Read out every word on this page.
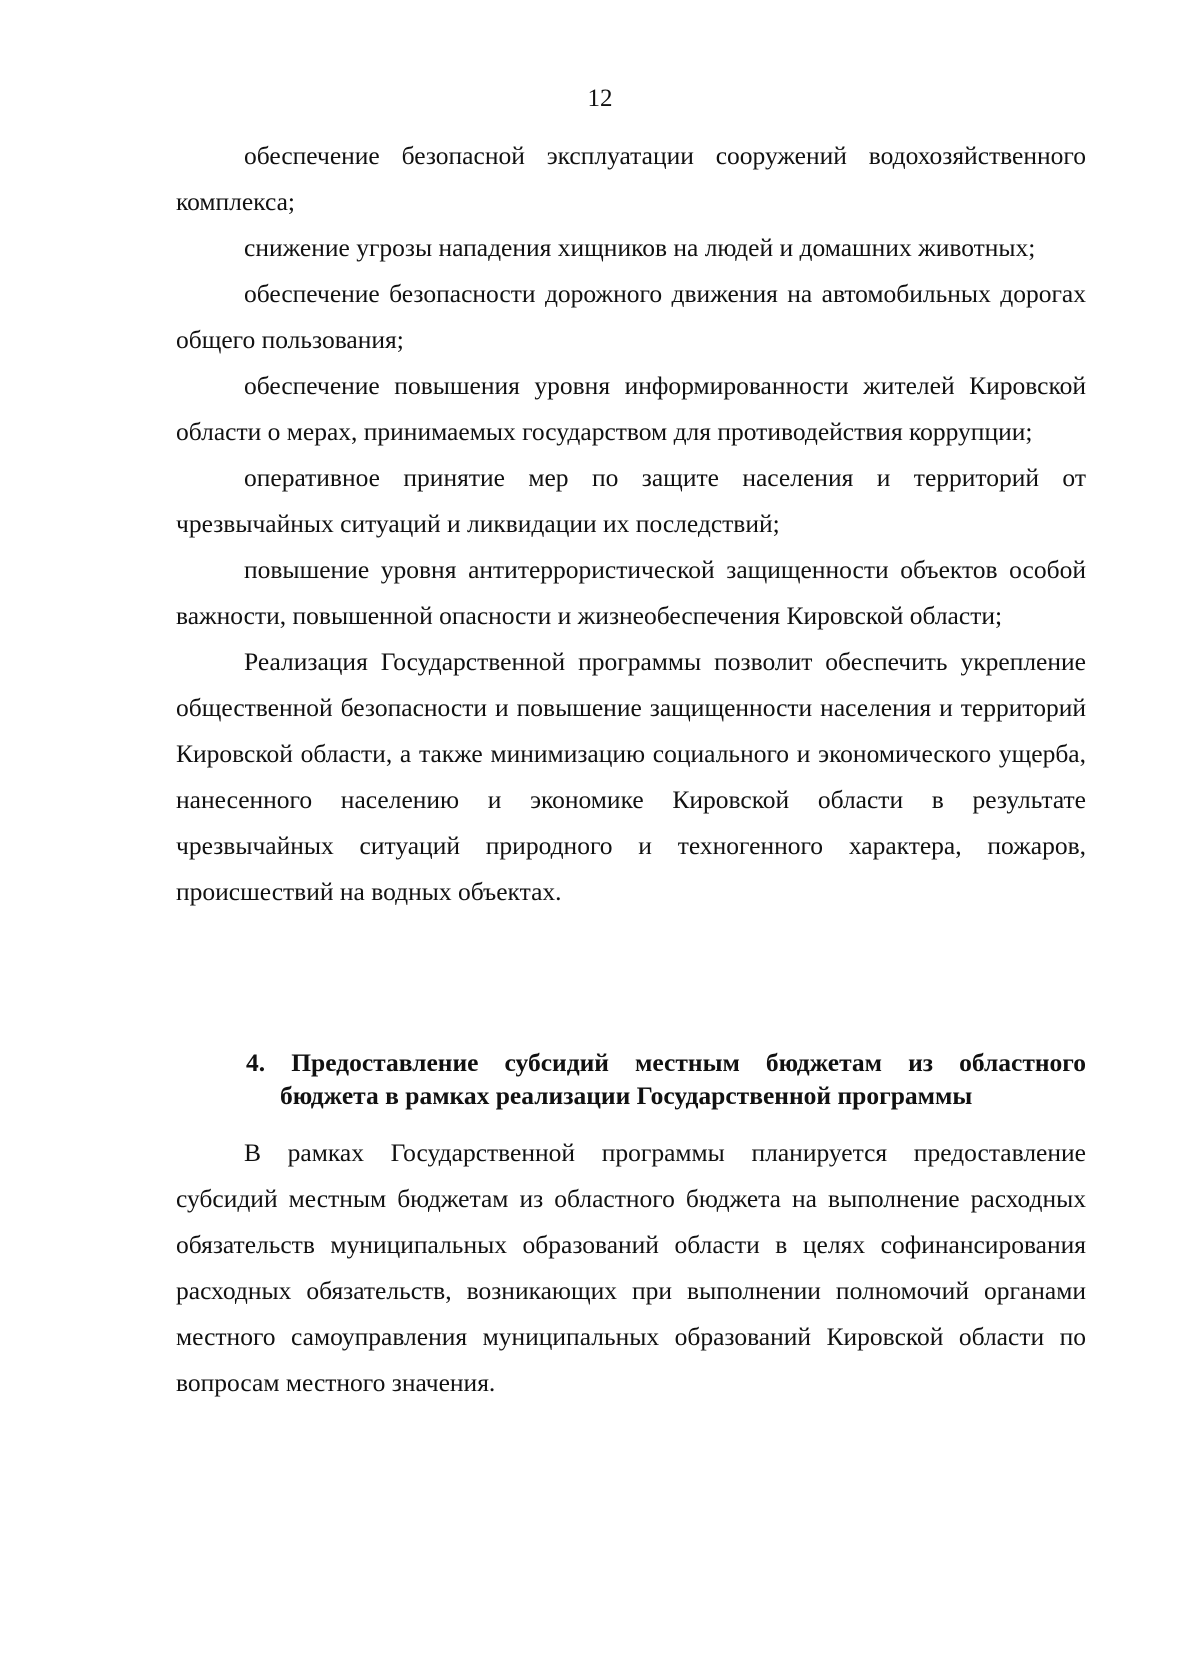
12

обеспечение безопасной эксплуатации сооружений водохозяйственного комплекса;

снижение угрозы нападения хищников на людей и домашних животных;

обеспечение безопасности дорожного движения на автомобильных дорогах общего пользования;

обеспечение повышения уровня информированности жителей Кировской области о мерах, принимаемых государством для противодействия коррупции;

оперативное принятие мер по защите населения и территорий от чрезвычайных ситуаций и ликвидации их последствий;

повышение уровня антитеррористической защищенности объектов особой важности, повышенной опасности и жизнеобеспечения Кировской области;

Реализация Государственной программы позволит обеспечить укрепление общественной безопасности и повышение защищенности населения и территорий Кировской области, а также минимизацию социального и экономического ущерба, нанесенного населению и экономике Кировской области в результате чрезвычайных ситуаций природного и техногенного характера, пожаров, происшествий на водных объектах.

4. Предоставление субсидий местным бюджетам из областного
бюджета в рамках реализации Государственной программы

В рамках Государственной программы планируется предоставление субсидий местным бюджетам из областного бюджета на выполнение расходных обязательств муниципальных образований области в целях софинансирования расходных обязательств, возникающих при выполнении полномочий органами местного самоуправления муниципальных образований Кировской области по вопросам местного значения.
